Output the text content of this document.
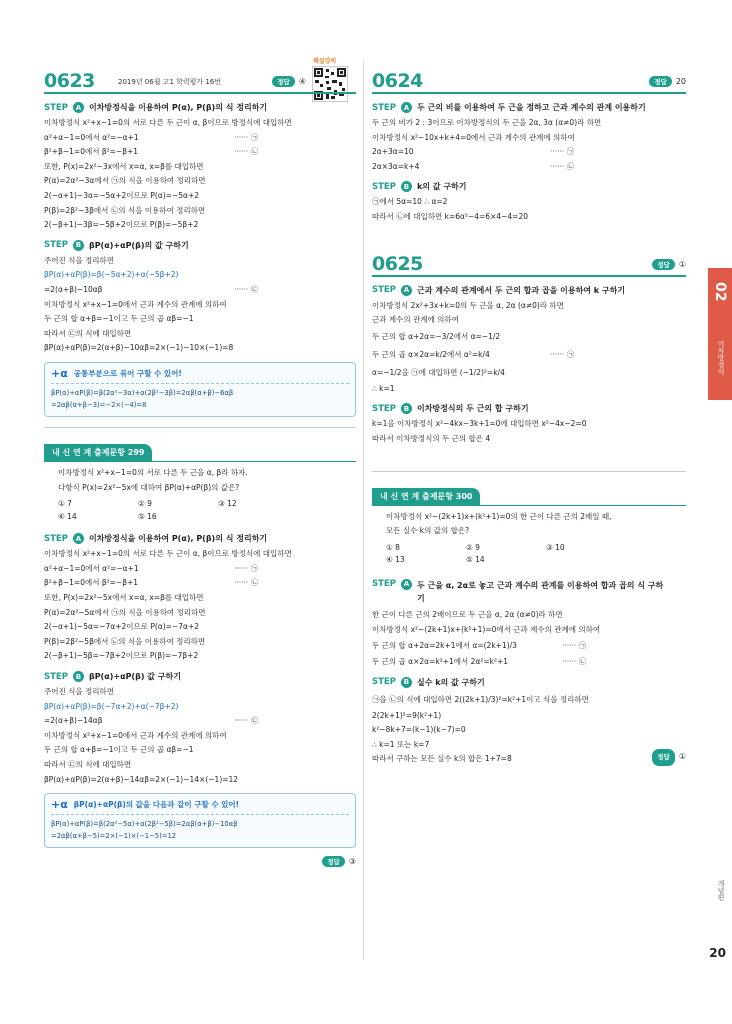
해설강의
0623	2019년 06월 고1 학력평가 16번	정답	④
STEP	A 이차방정식을 이용하여 P(α), P(β)의 식 정리하기
이차방정식 x²+x−1=0의 서로 다른 두 근이 α, β이므로 방정식에 대입하면
α²+α−1=0에서 α²=−α+1	······ ㉠
β²+β−1=0에서 β²=−β+1	······ ㉡
또한, P(x)=2x²−3x에서 x=α, x=β를 대입하면
P(α)=2α²−3α에서 ㉠의 식을 이용하여 정리하면
2(−α+1)−3α=−5α+2이므로 P(α)=−5α+2
P(β)=2β²−3β에서 ㉡의 식을 이용하여 정리하면
2(−β+1)−3β=−5β+2이므로 P(β)=−5β+2
STEP	B βP(α)+αP(β)의 값 구하기
주어진 식을 정리하면
βP(α)+αP(β)=β(−5α+2)+α(−5β+2)
=2(α+β)−10αβ	······ ㉢
이차방정식 x²+x−1=0에서 근과 계수의 관계에 의하여
두 근의 합 α+β=−1이고 두 근의 곱 αβ=−1
따라서 ㉢의 식에 대입하면
βP(α)+αP(β)=2(α+β)−10αβ=2×(−1)−10×(−1)=8
+α 공통부분으로 묶어 구할 수 있어!
βP(α)+αP(β)=β(2α²−3α)+α(2β²−3β)=2αβ(α+β)−6αβ
=2αβ(α+β−3)=−2×(−4)=8
내 신 연 계 출제문항 299
이차방정식 x²+x−1=0의 서로 다른 두 근을 α, β라 하자.
다항식 P(x)=2x²−5x에 대하여 βP(α)+αP(β)의 값은?
① 7	② 9	③ 12
④ 14	⑤ 16
STEP	A 이차방정식을 이용하여 P(α), P(β)의 식 정리하기
이차방정식 x²+x−1=0의 서로 다른 두 근이 α, β이므로 방정식에 대입하면
α²+α−1=0에서 α²=−α+1	······ ㉠
β²+β−1=0에서 β²=−β+1	······ ㉡
또한, P(x)=2x²−5x에서 x=α, x=β를 대입하면
P(α)=2α²−5α에서 ㉠의 식을 이용하여 정리하면
2(−α+1)−5α=−7α+2이므로 P(α)=−7α+2
P(β)=2β²−5β에서 ㉡의 식을 이용하여 정리하면
2(−β+1)−5β=−7β+2이므로 P(β)=−7β+2
STEP	B βP(α)+αP(β) 값 구하기
주어진 식을 정리하면
βP(α)+αP(β)=β(−7α+2)+α(−7β+2)
=2(α+β)−14αβ	······ ㉢
이차방정식 x²+x−1=0에서 근과 계수의 관계에 의하여
두 근의 합 α+β=−1이고 두 근의 곱 αβ=−1
따라서 ㉢의 식에 대입하면
βP(α)+αP(β)=2(α+β)−14αβ=2×(−1)−14×(−1)=12
+α βP(α)+αP(β)의 값을 다음과 같이 구할 수 있어!
βP(α)+αP(β)=β(2α²−5α)+α(2β²−5β)=2αβ(α+β)−10αβ
=2αβ(α+β−5)=2×(−1)×(−1−5)=12
정답	③
0624	정답	20
STEP	A 두 근의 비를 이용하여 두 근을 정하고 근과 계수의 관계 이용하기
두 근의 비가 2 : 3이므로 이차방정식의 두 근을 2α, 3α (α≠0)라 하면
이차방정식 x²−10x+k+4=0에서 근과 계수의 관계에 의하여
2α+3α=10	······ ㉠
2α×3α=k+4	······ ㉡
STEP	B k의 값 구하기
㉠에서 5α=10 ∴ α=2
따라서 ㉡에 대입하면 k=6α²−4=6×4−4=20
0625	정답	①
STEP	A 근과 계수의 관계에서 두 근의 합과 곱을 이용하여 k 구하기
이차방정식 2x²+3x+k=0의 두 근을 α, 2α (α≠0)라 하면
근과 계수의 관계에 의하여
두 근의 합 α+2α=−3/2에서 α=−1/2
두 근의 곱 α×2α=k/2에서 α²=k/4	······ ㉠
α=−1/2을 ㉠에 대입하면 (−1/2)²=k/4
∴ k=1
STEP	B 이차방정식의 두 근의 합 구하기
k=1을 이차방정식 x²−4kx−3k+1=0에 대입하면 x²−4x−2=0
따라서 이차방정식의 두 근의 합은 4
내 신 연 계 출제문항 300
이차방정식 x²−(2k+1)x+(k²+1)=0의 한 근이 다른 근의 2배일 때,
모든 실수 k의 값의 합은?
① 8	② 9	③ 10
④ 13	⑤ 14
STEP	A 두 근을 α, 2α로 놓고 근과 계수의 관계를 이용하여 합과 곱의 식 구하기
한 근이 다른 근의 2배이므로 두 근을 α, 2α (α≠0)라 하면
이차방정식 x²−(2k+1)x+(k²+1)=0에서 근과 계수의 관계에 의하여
두 근의 합 α+2α=2k+1에서 α=(2k+1)/3	······ ㉠
두 근의 곱 α×2α=k²+1에서 2α²=k²+1	······ ㉡
STEP	B 실수 k의 값 구하기
㉠을 ㉡의 식에 대입하면 2((2k+1)/3)²=k²+1이고 식을 정리하면
2(2k+1)²=9(k²+1)
k²−8k+7=(k−1)(k−7)=0
∴ k=1 또는 k=7
따라서 구하는 모든 실수 k의 합은 1+7=8	정답	①
02
이차방정식
개념편
20
